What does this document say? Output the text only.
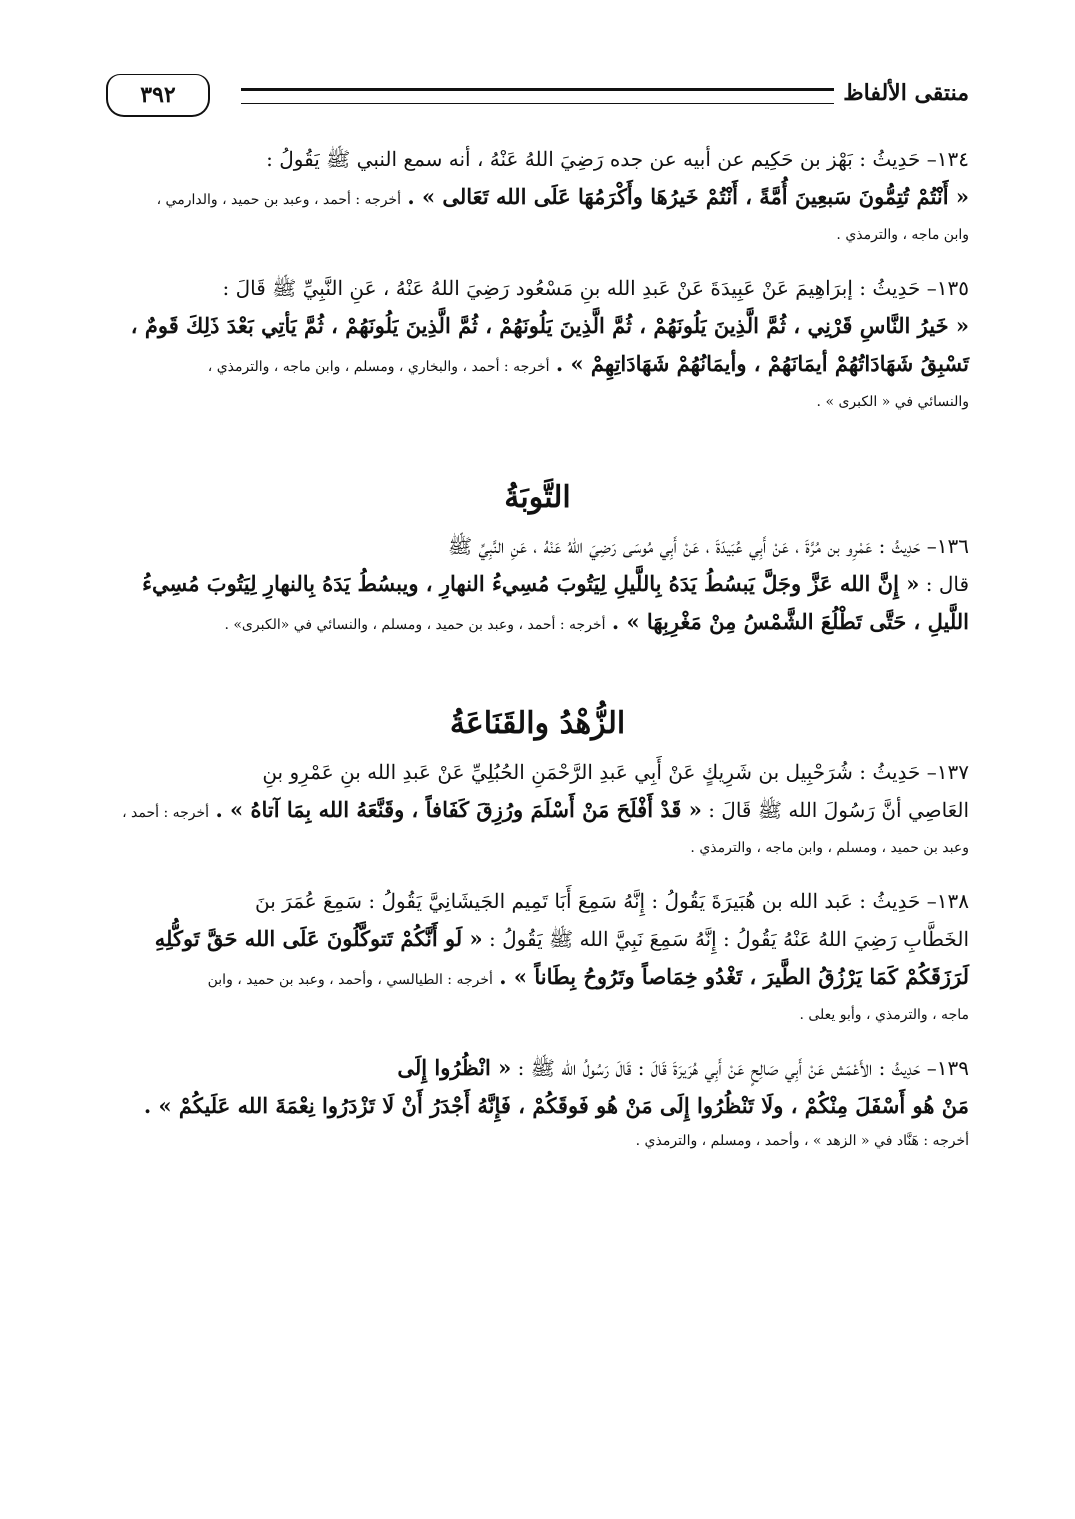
منتقى الألفاظ
٣٩٢
١٣٤– حَدِيثُ : بَهْز بن حَكِيم عن أبيه عن جده رَضِيَ اللهُ عَنْهُ ، أنه سمع النبي ﷺ يَقُولُ :
« أَنْتُمْ تُتِمُّونَ سَبعِينَ أُمَّةً ، أَنْتُمْ خَيرُهَا وأَكْرَمُهَا عَلَى الله تَعَالى » . أخرجه : أحمد ، وعبد بن حميد ، والدارمي ،
وابن ماجه ، والترمذي .
١٣٥– حَدِيثُ : إبرَاهِيمَ عَنْ عَبِيدَةَ عَنْ عَبدِ الله بنِ مَسْعُود رَضِيَ اللهُ عَنْهُ ، عَنِ النَّبِيِّ ﷺ قَالَ :
« خَيرُ النَّاسِ قَرْنِي ، ثُمَّ الَّذِينَ يَلُونَهُمْ ، ثُمَّ الَّذِينَ يَلُونَهُمْ ، ثُمَّ الَّذِينَ يَلُونَهُمْ ، ثُمَّ يَأتِي بَعْدَ ذَلِكَ قَومٌ ،
تَسْبِقُ شَهَادَاتُهُمْ أيمَانَهُمْ ، وأيمَانُهُمْ شَهَادَاتِهِمْ » . أخرجه : أحمد ، والبخاري ، ومسلم ، وابن ماجه ، والترمذي ،
والنسائي في « الكبرى » .
التَّوبَةُ
١٣٦– حَدِيثُ : عَمْرِو بن مُرَّةَ ، عَنْ أَبِي عُبَيدَةَ ، عَنْ أَبِي مُوسَى رَضِيَ اللهُ عَنْهُ ، عَنِ النَّبِيِّ ﷺ
قال : « إِنَّ الله عَزَّ وجَلَّ يَبسُطُ يَدَهُ بِاللَّيلِ لِيَتُوبَ مُسِيءُ النهارِ ، ويبسُطُ يَدَهُ بِالنهارِ لِيَتُوبَ مُسِيءُ
اللَّيلِ ، حَتَّى تَطْلُعَ الشَّمْسُ مِنْ مَغْرِبِهَا » . أخرجه : أحمد ، وعبد بن حميد ، ومسلم ، والنسائي في «الكبرى» .
الزُّهْدُ والقَنَاعَةُ
١٣٧– حَدِيثُ : شُرَحْبِيل بن شَرِيكٍ عَنْ أَبِي عَبدِ الرَّحْمَنِ الحُبُلِيِّ عَنْ عَبدِ الله بنِ عَمْرِو بنِ
العَاصِي أنَّ رَسُولَ الله ﷺ قَالَ : « قَدْ أَفْلَحَ مَنْ أَسْلَمَ ورُزِقَ كَفَافاً ، وقَنَّعَهُ الله بِمَا آتاهُ » . أخرجه : أحمد ،
وعبد بن حميد ، ومسلم ، وابن ماجه ، والترمذي .
١٣٨– حَدِيثُ : عَبد الله بن هُبَيرَةَ يَقُولُ : إِنَّهُ سَمِعَ أَبَا تَمِيم الجَيشَانِيَّ يَقُولُ : سَمِعَ عُمَرَ بنَ
الخَطَّابِ رَضِيَ اللهُ عَنْهُ يَقُولُ : إِنَّهُ سَمِعَ نَبِيَّ الله ﷺ يَقُولُ : « لَو أَنَّكُمْ تَتوكَّلُونَ عَلَى الله حَقَّ تَوكُّلِهِ
لَرَزَقَكُمْ كَمَا يَرْزُقُ الطَّيرَ ، تَغْدُو خِمَاصاً وتَرُوحُ بِطَاناً » . أخرجه : الطيالسي ، وأحمد ، وعبد بن حميد ، وابن
ماجه ، والترمذي ، وأبو يعلى .
١٣٩– حَدِيثُ : الأَعْمَش عَنْ أَبِي صَالِحٍ عَنْ أَبِي هُرَيرَةَ قَالَ : قَالَ رَسُولُ الله ﷺ : « انْظُرُوا إِلَى
مَنْ هُو أَسْفَلَ مِنْكُمْ ، ولَا تَنْظُرُوا إِلَى مَنْ هُو فَوقَكُمْ ، فَإِنَّهُ أَجْدَرُ أَنْ لَا تَزْدَرُوا نِعْمَةَ الله عَلَيكُمْ » .
أخرجه : هَنَّاد في « الزهد » ، وأحمد ، ومسلم ، والترمذي .
